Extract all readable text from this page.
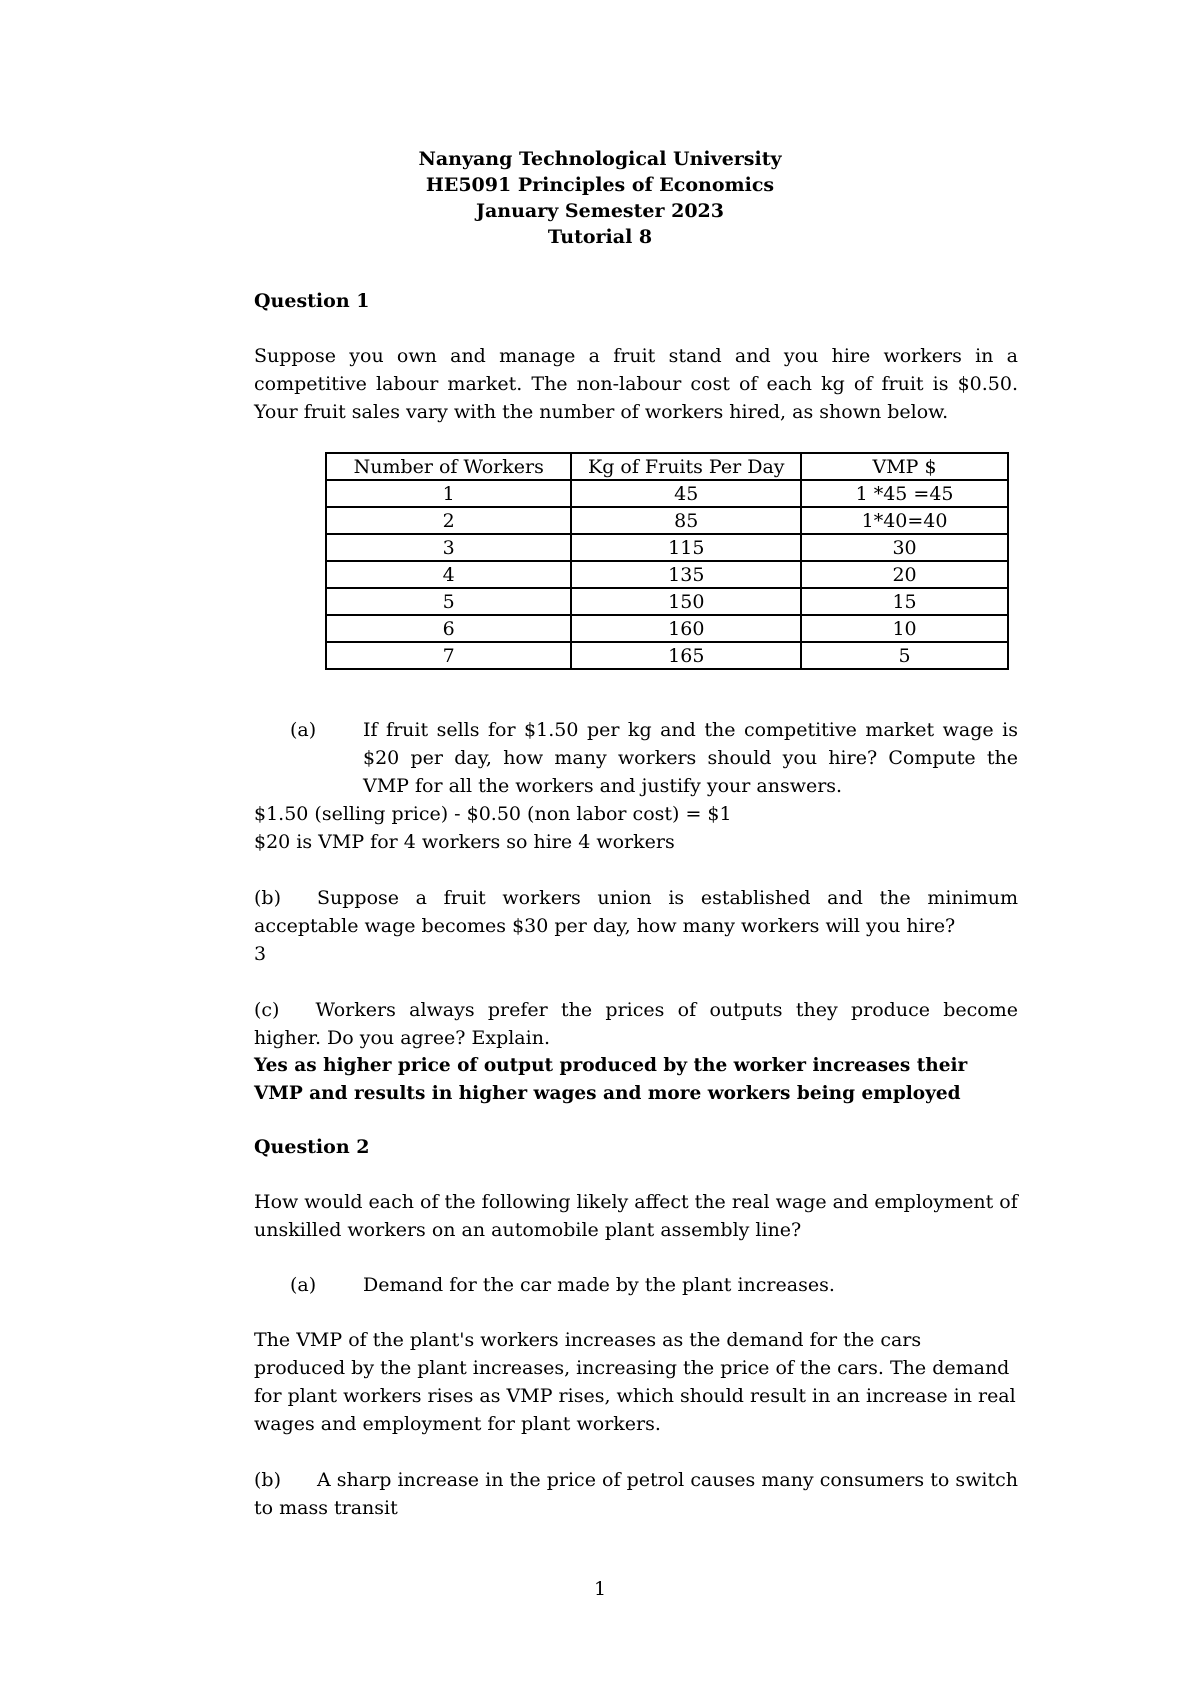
Nanyang Technological University
HE5091 Principles of Economics
January Semester 2023
Tutorial 8
Question 1
Suppose you own and manage a fruit stand and you hire workers in a competitive labour market. The non-labour cost of each kg of fruit is $0.50. Your fruit sales vary with the number of workers hired, as shown below.
Number of Workers	Kg of Fruits Per Day	VMP $
1	45	1 *45 =45
2	85	1*40=40
3	115	30
4	135	20
5	150	15
6	160	10
7	165	5
(a) If fruit sells for $1.50 per kg and the competitive market wage is $20 per day, how many workers should you hire? Compute the VMP for all the workers and justify your answers.
$1.50 (selling price) - $0.50 (non labor cost) = $1
$20 is VMP for 4 workers so hire 4 workers
(b) Suppose a fruit workers union is established and the minimum acceptable wage becomes $30 per day, how many workers will you hire?
3
(c) Workers always prefer the prices of outputs they produce become higher. Do you agree? Explain.
Yes as higher price of output produced by the worker increases their VMP and results in higher wages and more workers being employed
Question 2
How would each of the following likely affect the real wage and employment of unskilled workers on an automobile plant assembly line?
(a) Demand for the car made by the plant increases.
The VMP of the plant's workers increases as the demand for the cars produced by the plant increases, increasing the price of the cars. The demand for plant workers rises as VMP rises, which should result in an increase in real wages and employment for plant workers.
(b) A sharp increase in the price of petrol causes many consumers to switch to mass transit
1
